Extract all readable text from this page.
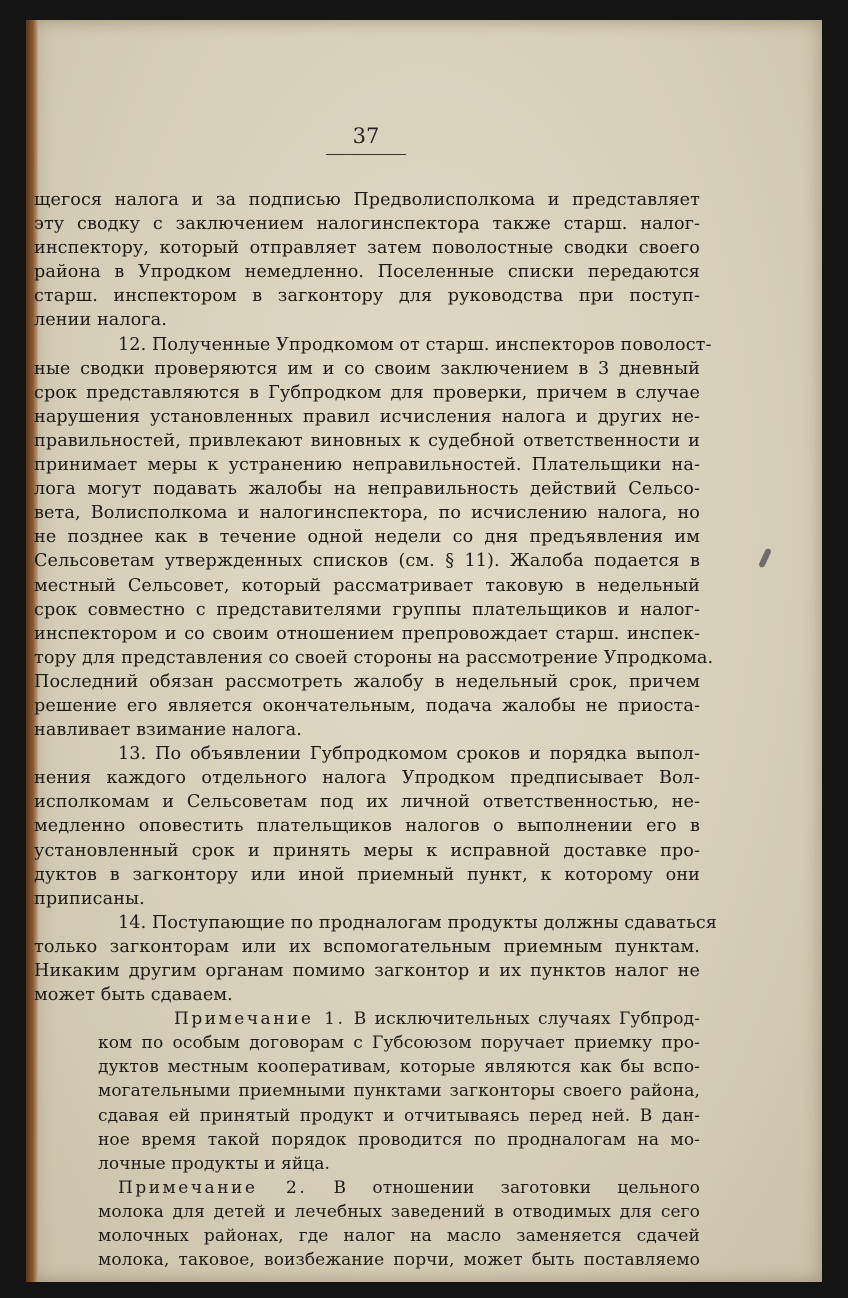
37
щегося налога и за подписью Предволисполкома и представляет
эту сводку с заключением налогинспектора также старш. налог-
инспектору, который отправляет затем поволостные сводки своего
района в Упродком немедленно. Поселенные списки передаются
старш. инспектором в загконтору для руководства при поступ-
лении налога.
12. Полученные Упродкомом от старш. инспекторов поволост-
ные сводки проверяются им и со своим заключением в 3 дневный
срок представляются в Губпродком для проверки, причем в случае
нарушения установленных правил исчисления налога и других не-
правильностей, привлекают виновных к судебной ответственности и
принимает меры к устранению неправильностей. Плательщики на-
лога могут подавать жалобы на неправильность действий Сельсо-
вета, Волисполкома и налогинспектора, по исчислению налога, но
не позднее как в течение одной недели со дня предъявления им
Сельсоветам утвержденных списков (см. § 11). Жалоба подается в
местный Сельсовет, который рассматривает таковую в недельный
срок совместно с представителями группы плательщиков и налог-
инспектором и со своим отношением препровождает старш. инспек-
тору для представления со своей стороны на рассмотрение Упродкома.
Последний обязан рассмотреть жалобу в недельный срок, причем
решение его является окончательным, подача жалобы не приоста-
навливает взимание налога.
13. По объявлении Губпродкомом сроков и порядка выпол-
нения каждого отдельного налога Упродком предписывает Вол-
исполкомам и Сельсоветам под их личной ответственностью, не-
медленно оповестить плательщиков налогов о выполнении его в
установленный срок и принять меры к исправной доставке про-
дуктов в загконтору или иной приемный пункт, к которому они
приписаны.
14. Поступающие по продналогам продукты должны сдаваться
только загконторам или их вспомогательным приемным пунктам.
Никаким другим органам помимо загконтор и их пунктов налог не
может быть сдаваем.
Примечание 1. В исключительных случаях Губпрод-
ком по особым договорам с Губсоюзом поручает приемку про-
дуктов местным кооперативам, которые являются как бы вспо-
могательными приемными пунктами загконторы своего района,
сдавая ей принятый продукт и отчитываясь перед ней. В дан-
ное время такой порядок проводится по продналогам на мо-
лочные продукты и яйца.
Примечание 2. В отношении заготовки цельного
молока для детей и лечебных заведений в отводимых для сего
молочных районах, где налог на масло заменяется сдачей
молока, таковое, воизбежание порчи, может быть поставляемо
